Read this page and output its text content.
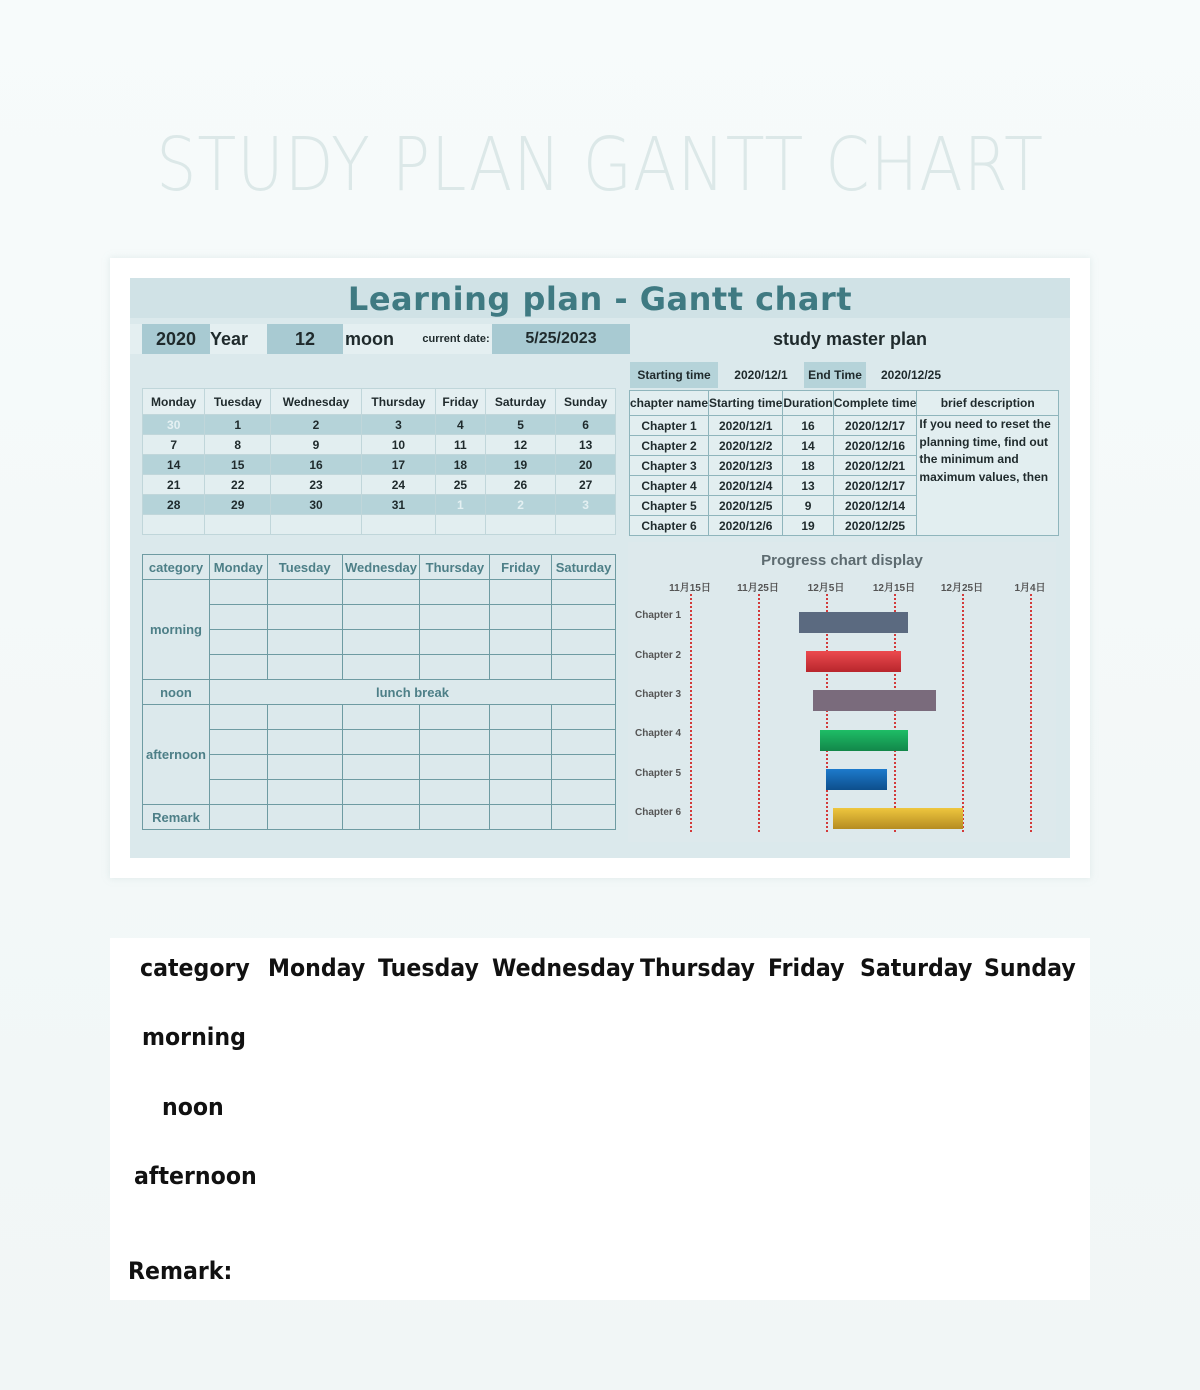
STUDY PLAN GANTT CHART
Learning plan - Gantt chart
2020 Year	12	moon	current date:	5/25/2023	study master plan
Monday	Tuesday	Wednesday	Thursday	Friday	Saturday	Sunday
30	1	2	3	4	5	6
7	8	9	10	11	12	13
14	15	16	17	18	19	20
21	22	23	24	25	26	27
28	29	30	31	1	2	3

category	Monday	Tuesday	Wednesday	Thursday	Friday	Saturday
morning						

noon	lunch break					
afternoon						

Remark						
Starting time	2020/12/1	End Time	2020/12/25
chapter name	Starting time	Duration	Complete time	brief description
Chapter 1	2020/12/1	16	2020/12/17	If you need to reset the planning time, find out the minimum and maximum values, then
Chapter 2	2020/12/2	14	2020/12/16	
Chapter 3	2020/12/3	18	2020/12/21	
Chapter 4	2020/12/4	13	2020/12/17	
Chapter 5	2020/12/5	9	2020/12/14	
Chapter 6	2020/12/6	19	2020/12/25	
Progress chart display
11月15日	11月25日	12月5日	12月15日	12月25日	1月4日
Chapter 1
Chapter 2
Chapter 3
Chapter 4
Chapter 5
Chapter 6
category Monday Tuesday Wednesday Thursday Friday Saturday Sunday
morning
noon
afternoon
Remark:
